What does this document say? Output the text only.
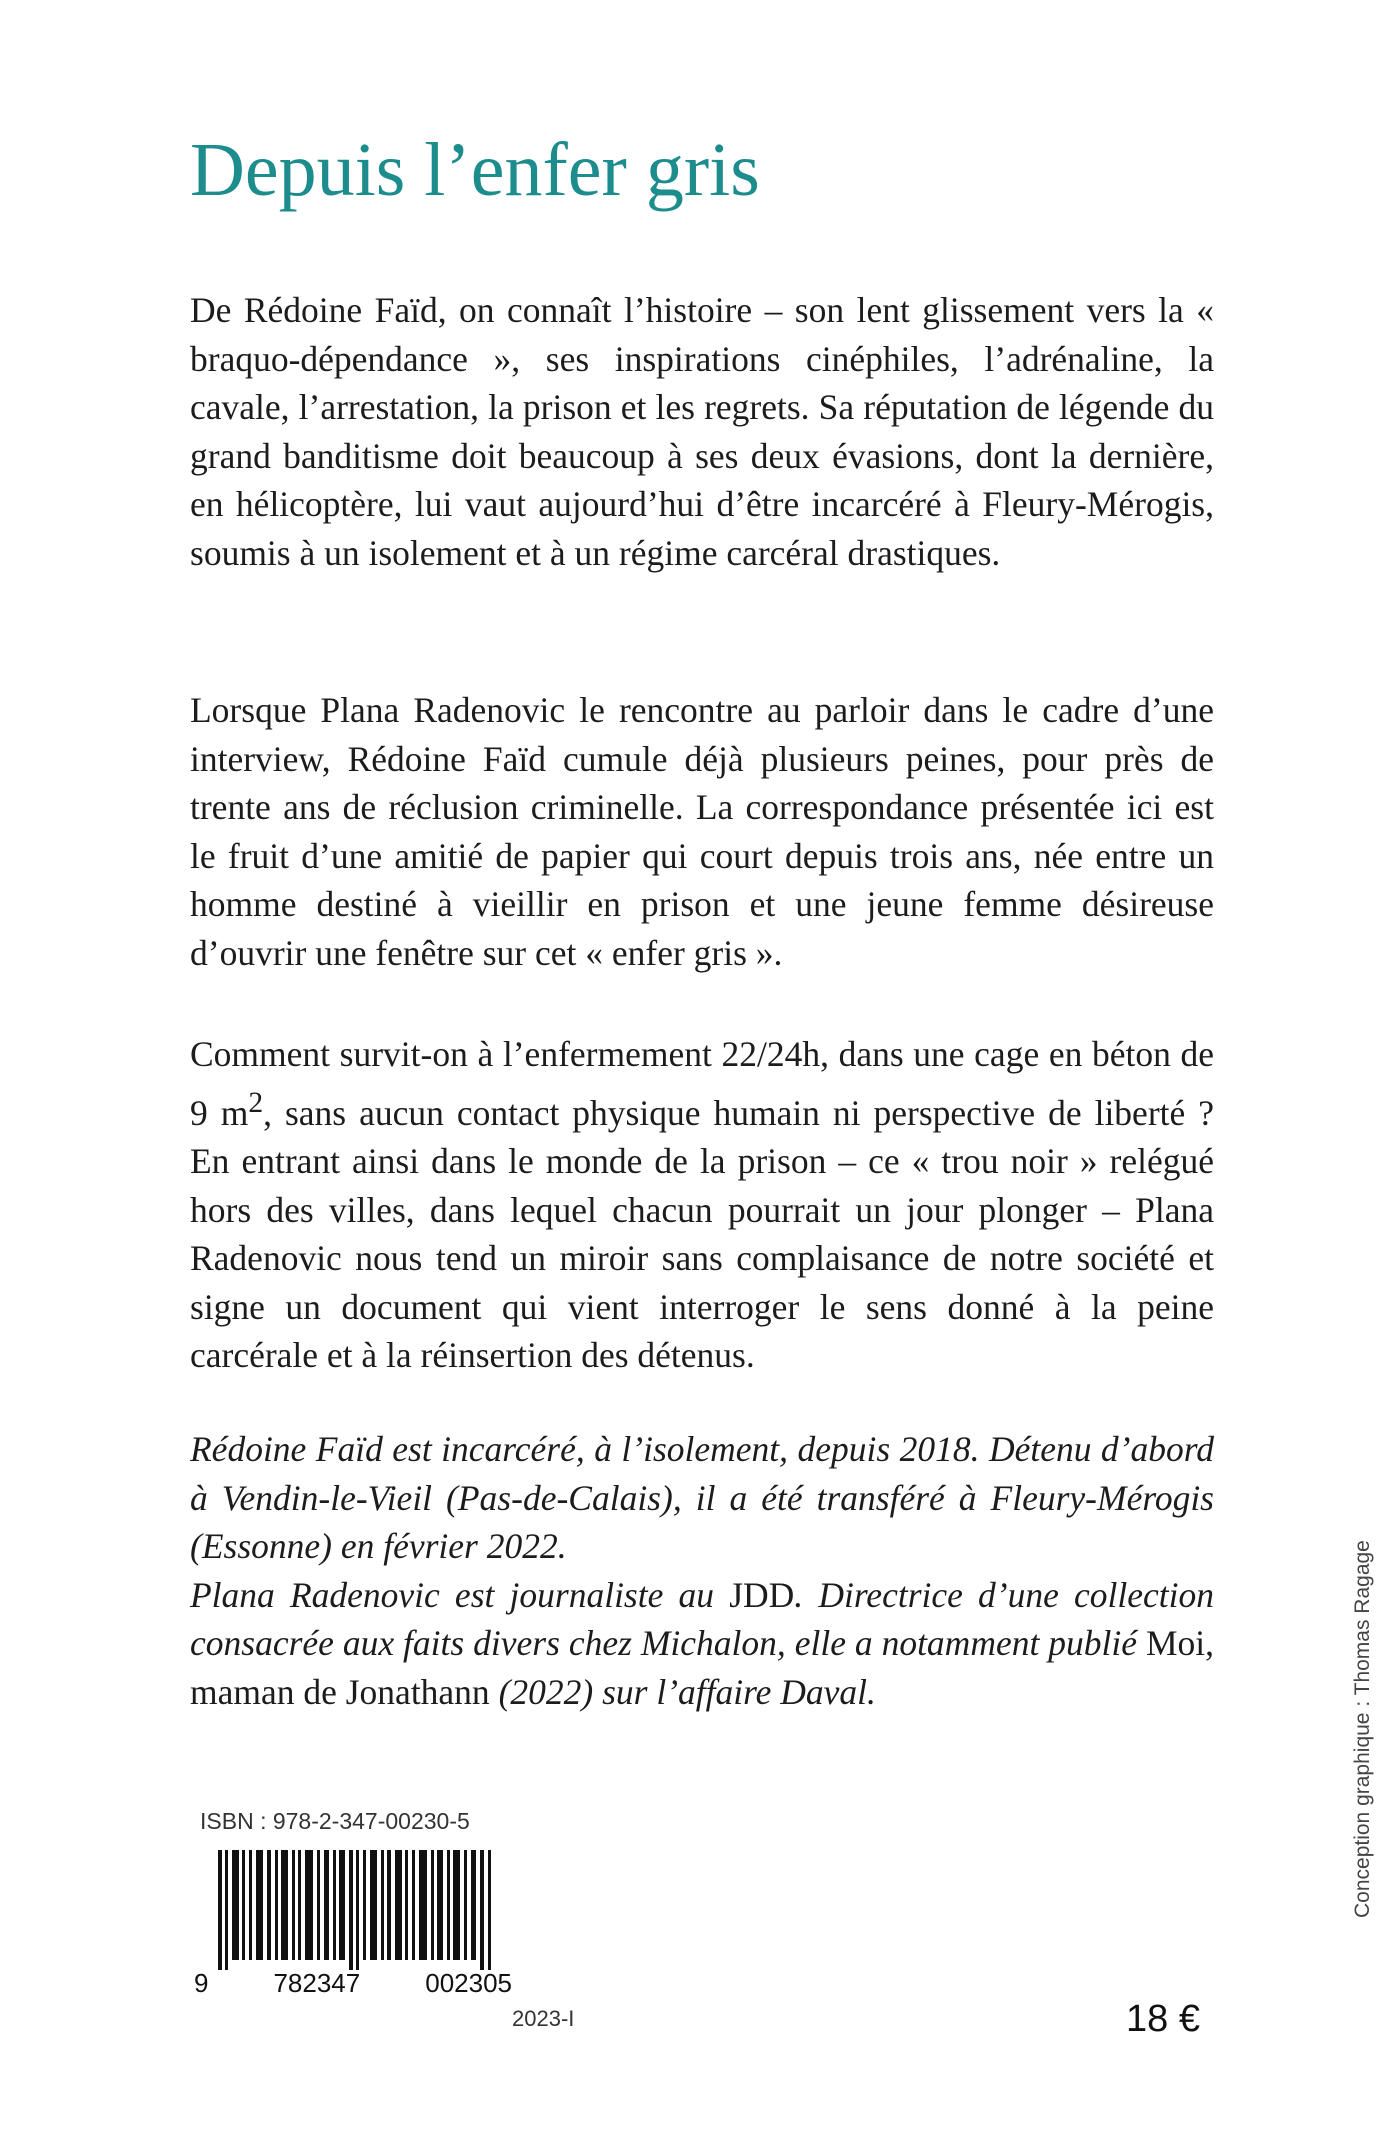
Depuis l’enfer gris

De Rédoine Faïd, on connaît l’histoire – son lent glissement vers la « braquo-dépendance », ses inspirations cinéphiles, l’adrénaline, la cavale, l’arrestation, la prison et les regrets. Sa réputation de légende du grand banditisme doit beaucoup à ses deux évasions, dont la dernière, en hélicoptère, lui vaut aujourd’hui d’être incarcéré à Fleury-Mérogis, soumis à un isolement et à un régime carcéral drastiques.

Lorsque Plana Radenovic le rencontre au parloir dans le cadre d’une interview, Rédoine Faïd cumule déjà plusieurs peines, pour près de trente ans de réclusion criminelle. La correspondance présentée ici est le fruit d’une amitié de papier qui court depuis trois ans, née entre un homme destiné à vieillir en prison et une jeune femme désireuse d’ouvrir une fenêtre sur cet « enfer gris ».

Comment survit-on à l’enfermement 22/24h, dans une cage en béton de 9 $m^2$, sans aucun contact physique humain ni perspective de liberté ? En entrant ainsi dans le monde de la prison – ce « trou noir » relégué hors des villes, dans lequel chacun pourrait un jour plonger – Plana Radenovic nous tend un miroir sans complaisance de notre société et signe un document qui vient interroger le sens donné à la peine carcérale et à la réinsertion des détenus.

Rédoine Faïd est incarcéré, à l’isolement, depuis 2018. Détenu d’abord à Vendin-le-Vieil (Pas-de-Calais), il a été transféré à Fleury-Mérogis (Essonne) en février 2022.
Plana Radenovic est journaliste au JDD. Directrice d’une collection consacrée aux faits divers chez Michalon, elle a notamment publié Moi, maman de Jonathann (2022) sur l’affaire Daval.

ISBN : 978-2-347-00230-5
9	782347	002305
2023-I	18 €
Conception graphique : Thomas Ragage
